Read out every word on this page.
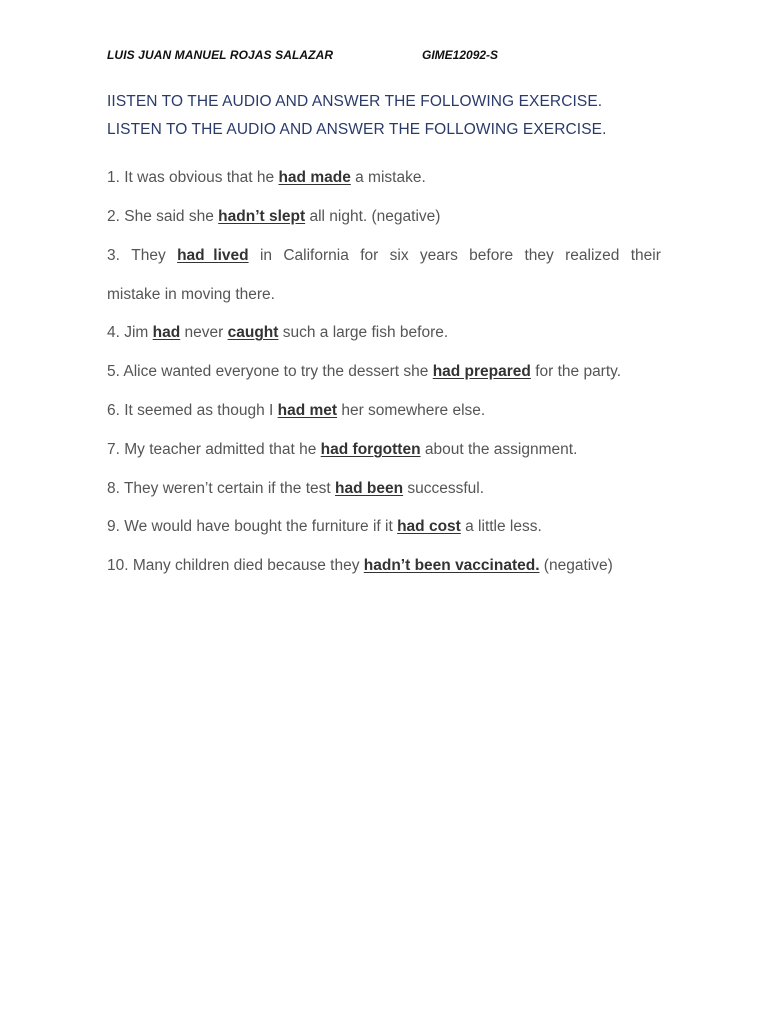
LUIS JUAN MANUEL ROJAS SALAZAR	GIME12092-S
IISTEN TO THE AUDIO AND ANSWER THE FOLLOWING EXERCISE.
LISTEN TO THE AUDIO AND ANSWER THE FOLLOWING EXERCISE.
1. It was obvious that he had made a mistake.
2. She said she hadn’t slept all night. (negative)
3. They had  lived in California for six years before they realized their
mistake in moving there.
4. Jim had never caught such a large fish before.
5. Alice wanted everyone to try the dessert she had prepared for the party.
6. It seemed as though I had met her somewhere else.
7. My teacher admitted that he had forgotten about the assignment.
8. They weren’t certain if the test had been successful.
9. We would have bought the furniture if it had cost a little less.
10. Many children died because they hadn’t been vaccinated. (negative)
